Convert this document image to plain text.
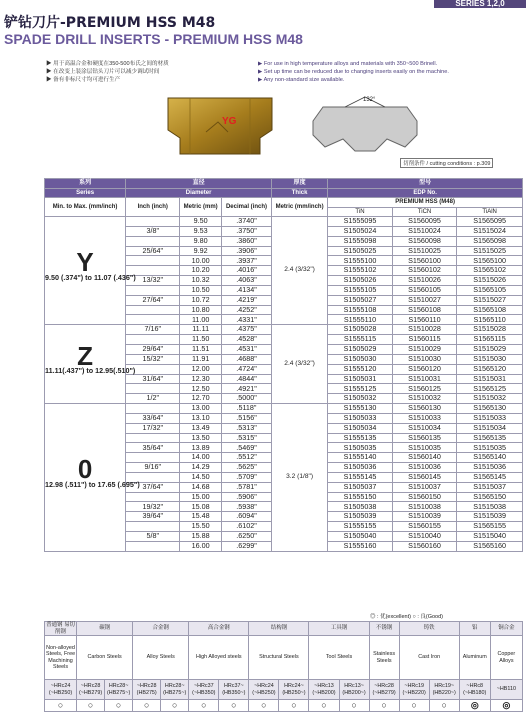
SERIES 1,2,0
铲钻刀片-PREMIUM HSS M48
SPADE DRILL INSERTS - PREMIUM HSS M48
▶ 用于高温合金和硬度在350-500布氏之间的材质
▶ 在改变上装涂层钻头刀片可以减少调试时间
▶ 备有非标尺寸均可进行生产
▶ For use in high temperature alloys and materials with 350~500 Brinell.
▶ Set up time can be reduced due to changing inserts easily on the machine.
▶ Any non-standard size available.
YG
132°
切削条件 / cutting conditions : p.309
系列	直径			厚度	型号		
Series	Diameter			Thick	EDP No.		
Min. to Max. (mm/inch)	Inch (inch)	Metric (mm)	Decimal (inch)	Metric (mm/inch)	PREMIUM HSS (M48)		
					TiN	TiCN	TiAlN
Y
9.50 (.374") to 11.07 (.436")		9.50	.3740"	2.4 (3/32")	S1555095	S1560095	S1565095
	3/8"	9.53	.3750"		S1505024	S1510024	S1515024
		9.80	.3860"		S1555098	S1560098	S1565098
	25/64"	9.92	.3906"		S1505025	S1510025	S1515025
		10.00	.3937"		S1555100	S1560100	S1565100
		10.20	.4016"		S1555102	S1560102	S1565102
	13/32"	10.32	.4063"		S1505026	S1510026	S1515026
		10.50	.4134"		S1555105	S1560105	S1565105
	27/64"	10.72	.4219"		S1505027	S1510027	S1515027
		10.80	.4252"		S1555108	S1560108	S1565108
		11.00	.4331"		S1555110	S1560110	S1565110
Z
11.11(.437") to 12.95(.510")	7/16"	11.11	.4375"	2.4 (3/32")	S1505028	S1510028	S1515028
		11.50	.4528"		S1555115	S1560115	S1565115
	29/64"	11.51	.4531"		S1505029	S1510029	S1515029
	15/32"	11.91	.4688"		S1505030	S1510030	S1515030
		12.00	.4724"		S1555120	S1560120	S1565120
	31/64"	12.30	.4844"		S1505031	S1510031	S1515031
		12.50	.4921"		S1555125	S1560125	S1565125
	1/2"	12.70	.5000"		S1505032	S1510032	S1515032
0
12.98 (.511") to 17.65 (.695")		13.00	.5118"	3.2 (1/8")	S1555130	S1560130	S1565130
	33/64"	13.10	.5156"		S1505033	S1510033	S1515033
	17/32"	13.49	.5313"		S1505034	S1510034	S1515034
		13.50	.5315"		S1555135	S1560135	S1565135
	35/64"	13.89	.5469"		S1505035	S1510035	S1515035
		14.00	.5512"		S1555140	S1560140	S1565140
	9/16"	14.29	.5625"		S1505036	S1510036	S1515036
		14.50	.5709"		S1555145	S1560145	S1565145
	37/64"	14.68	.5781"		S1505037	S1510037	S1515037
		15.00	.5906"		S1555150	S1560150	S1565150
	19/32"	15.08	.5938"		S1505038	S1510038	S1515038
	39/64"	15.48	.6094"		S1505039	S1510039	S1515039
		15.50	.6102"		S1555155	S1560155	S1565155
	5/8"	15.88	.6250"		S1505040	S1510040	S1515040
		16.00	.6299"		S1555160	S1560160	S1565160
◎ : 优(excellent) ○ : 良(Good)
普通钢 易切削钢	碳钢		合金钢		高合金钢		结构钢		工具钢		不锈钢	铸铁		铝	铜合金
Non-alloyed Steels, Free Machining Steels	Carbon Steels		Alloy Steels		High Alloyed steels		Structural Steels		Tool Steels		Stainless Steels	Cast Iron		Aluminum	Copper Alloys
~HRc24 (~HB250)	~HRc28 (~HB279)	HRc28~ (HB275~)	~HRc28 (HB275)	HRc28~ (HB275~)	~HRc37 (~HB350)	HRc37~ (HB350~)	~HRc24 (~HB250)	HRc24~ (HB250~)	~HRc13 (~HB200)	HRc13~ (HB200~)	~HRc28 (~HB279)	~HRc19 (~HB220)	HRc19~ (HB220~)	~HRc8 (~HB180)	~HB110
○	○	○	○	○	○	○	○	○	○	○	○	○	○	◎	◎
